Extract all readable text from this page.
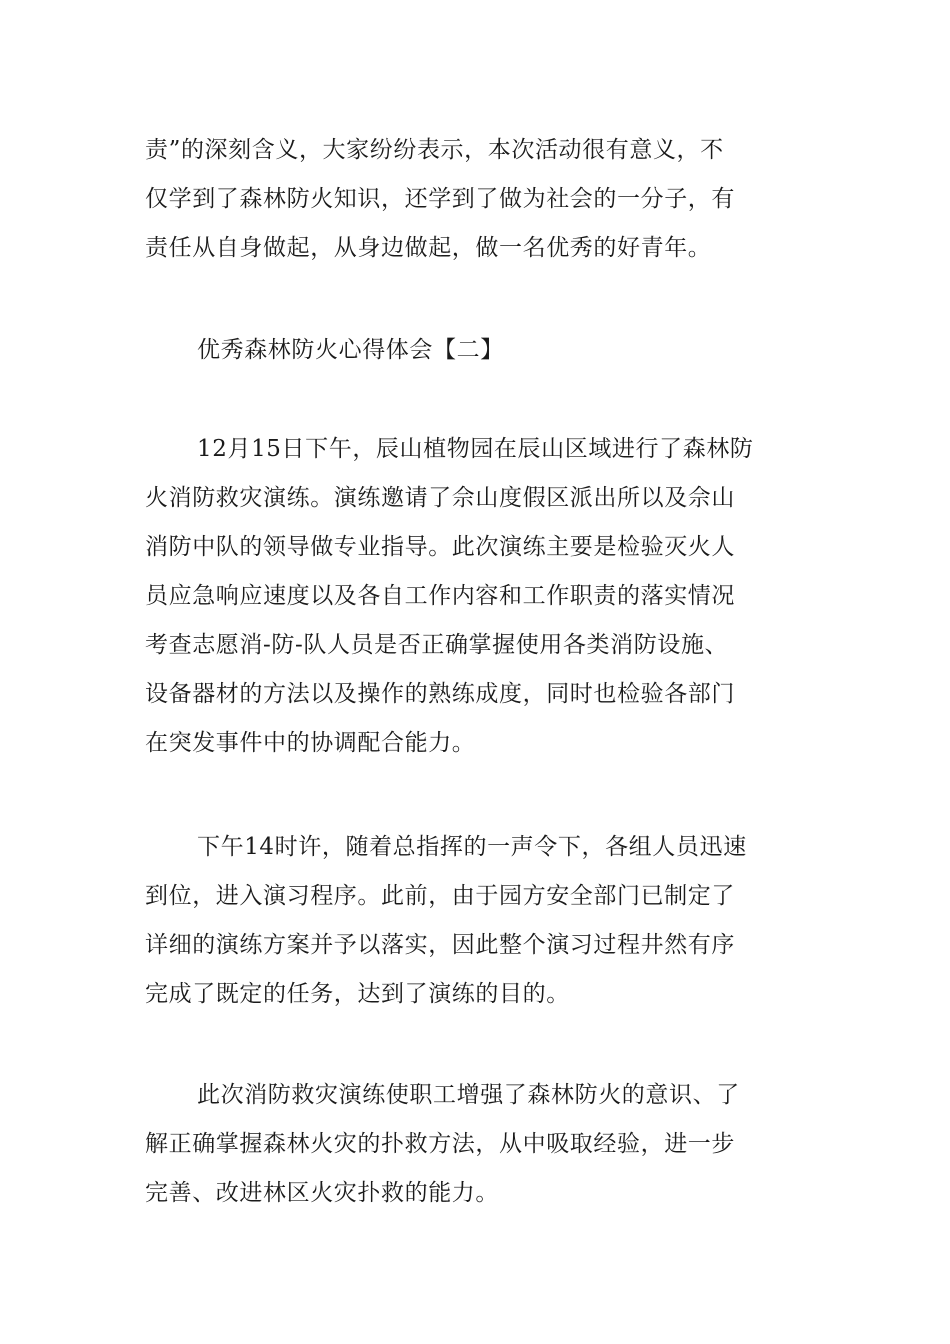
责”的深刻含义，大家纷纷表示，本次活动很有意义，不
仅学到了森林防火知识，还学到了做为社会的一分子，有
责任从自身做起，从身边做起，做一名优秀的好青年。
优秀森林防火心得体会【二】
12月15日下午，辰山植物园在辰山区域进行了森林防
火消防救灾演练。演练邀请了佘山度假区派出所以及佘山
消防中队的领导做专业指导。此次演练主要是检验灭火人
员应急响应速度以及各自工作内容和工作职责的落实情况
考查志愿消-防-队人员是否正确掌握使用各类消防设施、
设备器材的方法以及操作的熟练成度，同时也检验各部门
在突发事件中的协调配合能力。
下午14时许，随着总指挥的一声令下，各组人员迅速
到位，进入演习程序。此前，由于园方安全部门已制定了
详细的演练方案并予以落实，因此整个演习过程井然有序
完成了既定的任务，达到了演练的目的。
此次消防救灾演练使职工增强了森林防火的意识、了
解正确掌握森林火灾的扑救方法，从中吸取经验，进一步
完善、改进林区火灾扑救的能力。
